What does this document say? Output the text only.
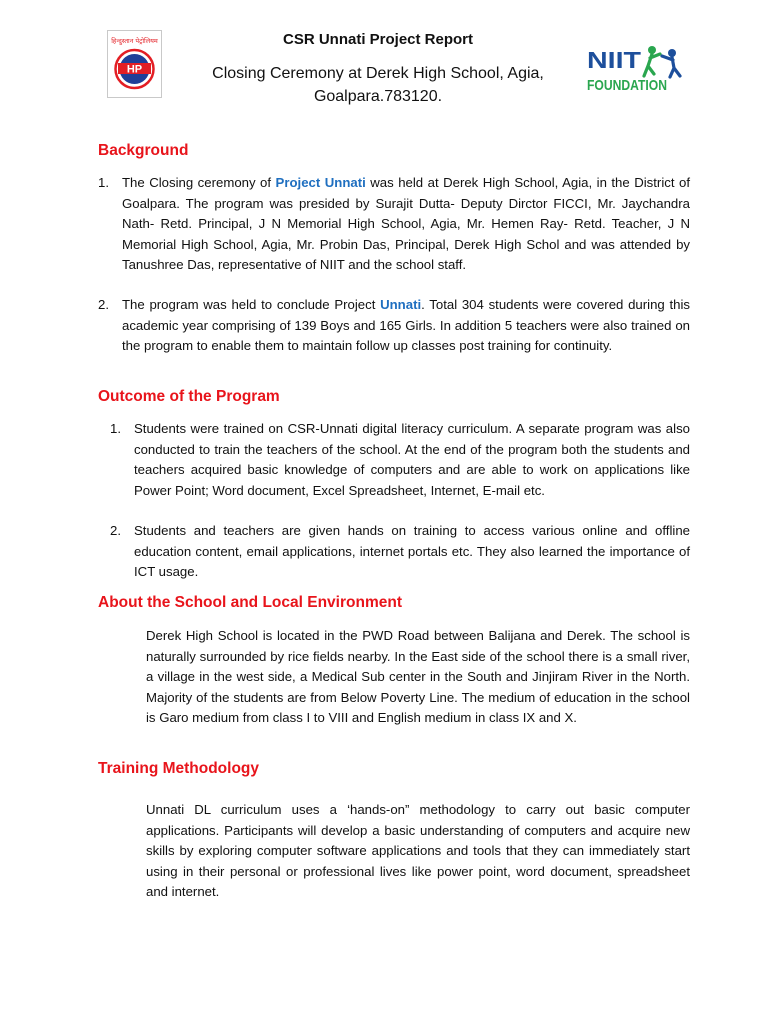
हिन्दुस्तान पेट्रोलियम
HP
CSR Unnati Project Report
Closing Ceremony at Derek High School, Agia,
Goalpara.783120.
NIIT
FOUNDATION
Background
1. The Closing ceremony of Project Unnati was held at Derek High School, Agia, in the District of Goalpara. The program was presided by Surajit Dutta- Deputy Dirctor FICCI, Mr. Jaychandra Nath- Retd. Principal, J N Memorial High School, Agia, Mr. Hemen Ray- Retd. Teacher, J N Memorial High School, Agia, Mr. Probin Das, Principal, Derek High Schol and was attended by Tanushree Das, representative of NIIT and the school staff.
2. The program was held to conclude Project Unnati. Total 304 students were covered during this academic year comprising of 139 Boys and 165 Girls. In addition 5 teachers were also trained on the program to enable them to maintain follow up classes post training for continuity.
Outcome of the Program
1. Students were trained on CSR-Unnati digital literacy curriculum. A separate program was also conducted to train the teachers of the school. At the end of the program both the students and teachers acquired basic knowledge of computers and are able to work on applications like Power Point; Word document, Excel Spreadsheet, Internet, E-mail etc.
2. Students and teachers are given hands on training to access various online and offline education content, email applications, internet portals etc. They also learned the importance of ICT usage.
About the School and Local Environment
Derek High School is located in the PWD Road between Balijana and Derek. The school is naturally surrounded by rice fields nearby. In the East side of the school there is a small river, a village in the west side, a Medical Sub center in the South and Jinjiram River in the North. Majority of the students are from Below Poverty Line. The medium of education in the school is Garo medium from class I to VIII and English medium in class IX and X.
Training Methodology
Unnati DL curriculum uses a ‘hands-on” methodology to carry out basic computer applications. Participants will develop a basic understanding of computers and acquire new skills by exploring computer software applications and tools that they can immediately start using in their personal or professional lives like power point, word document, spreadsheet and internet.
